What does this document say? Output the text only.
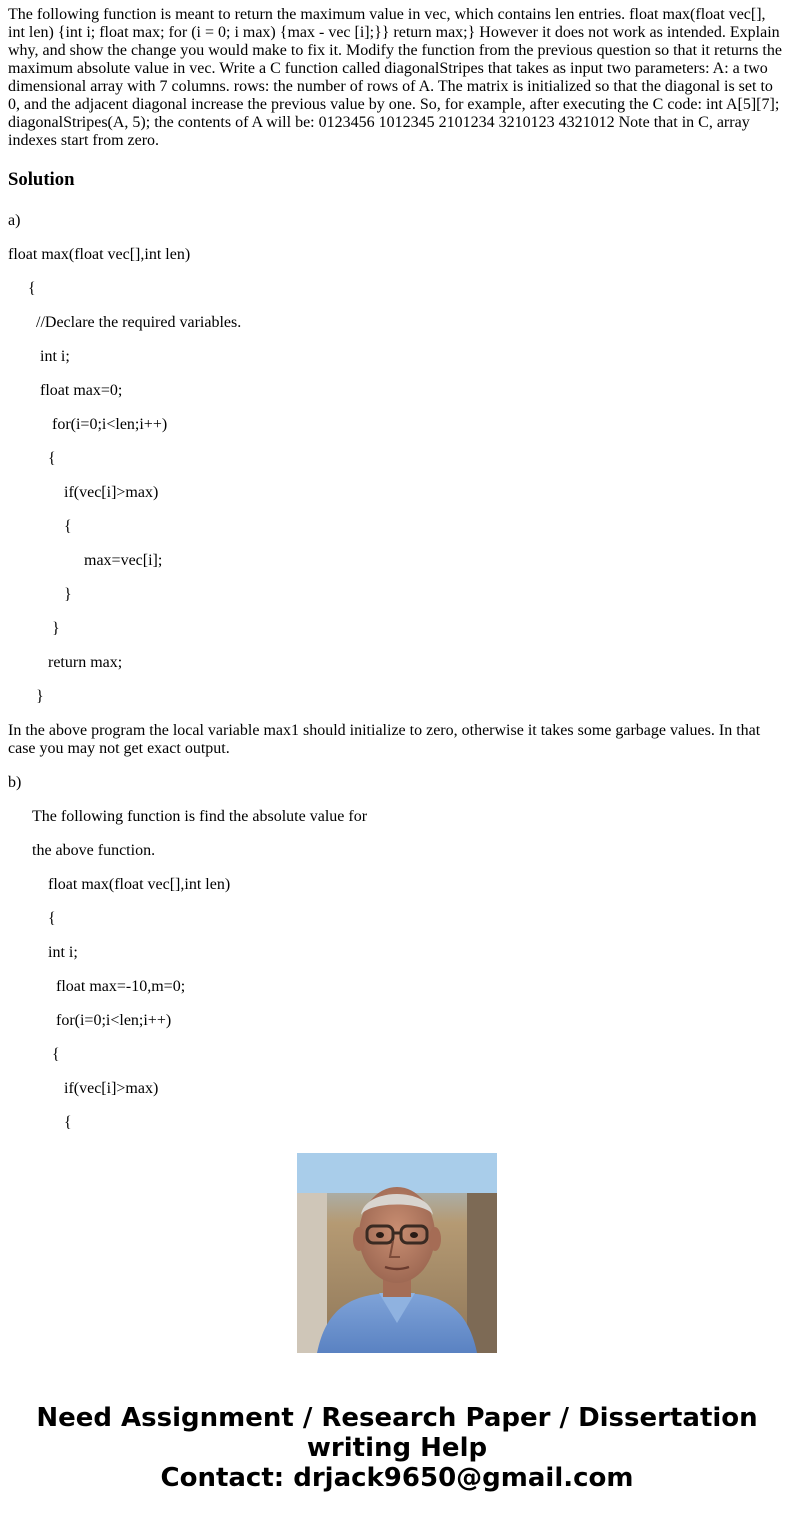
The following function is meant to return the maximum value in vec, which contains len entries. float max(float vec[], int len) {int i; float max; for (i = 0; i max) {max - vec [i];}} return max;} However it does not work as intended. Explain why, and show the change you would make to fix it. Modify the function from the previous question so that it returns the maximum absolute value in vec. Write a C function called diagonalStripes that takes as input two parameters: A: a two dimensional array with 7 columns. rows: the number of rows of A. The matrix is initialized so that the diagonal is set to 0, and the adjacent diagonal increase the previous value by one. So, for example, after executing the C code: int A[5][7]; diagonalStripes(A, 5); the contents of A will be: 0123456 1012345 2101234 3210123 4321012 Note that in C, array indexes start from zero.

Solution
a)
float max(float vec[],int len)
{
//Declare the required variables.
int i;
float max=0;
for(i=0;i<len;i++)
{
if(vec[i]>max)
{
max=vec[i];
}
}
return max;
}
In the above program the local variable max1 should initialize to zero, otherwise it takes some garbage values. In that case you may not get exact output.
b)
The following function is find the absolute value for
the above function.
float max(float vec[],int len)
{
int i;
float max=-10,m=0;
for(i=0;i<len;i++)
{
if(vec[i]>max)
{
Need Assignment / Research Paper / Dissertation
writing Help
Contact: drjack9650@gmail.com
